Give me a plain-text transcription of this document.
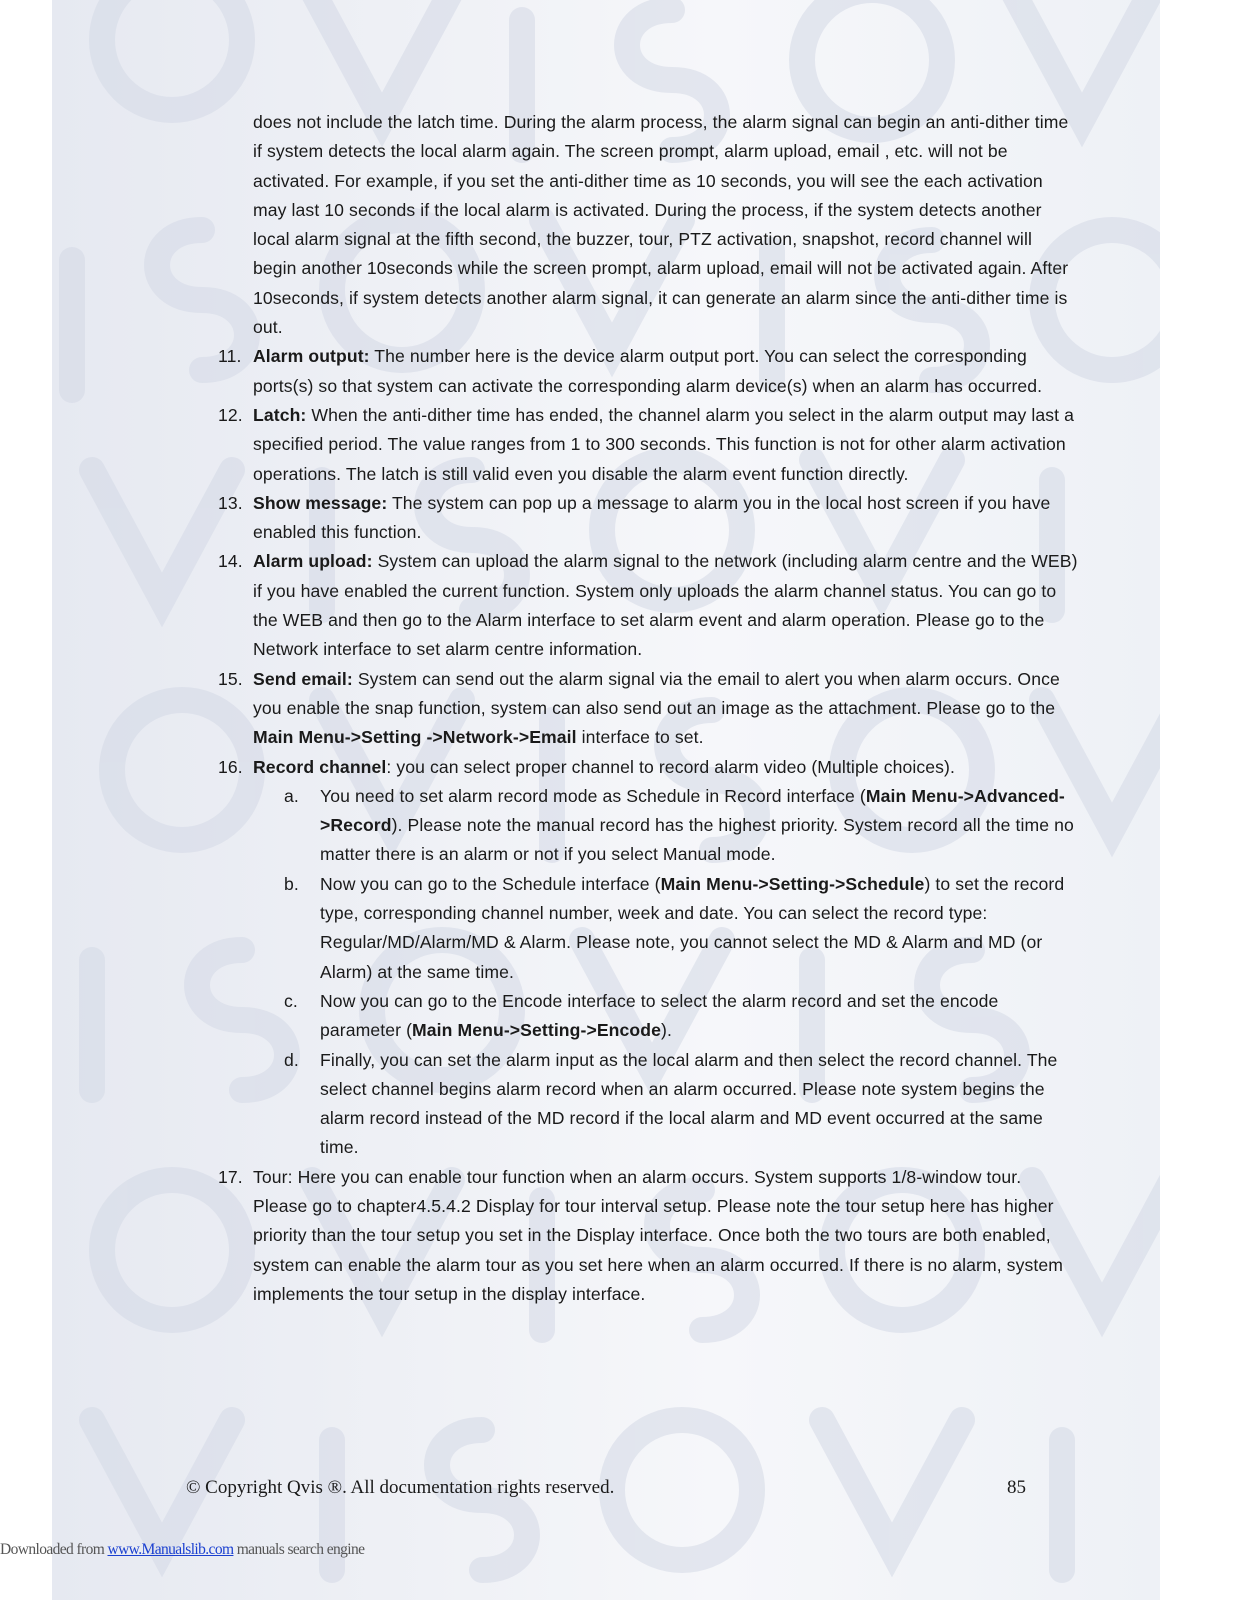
does not include the latch time. During the alarm process, the alarm signal can begin an anti-dither time if system detects the local alarm again. The screen prompt, alarm upload, email , etc. will not be activated. For example, if you set the anti-dither time as 10 seconds, you will see the each activation may last 10 seconds if the local alarm is activated. During the process, if the system detects another local alarm signal at the fifth second, the buzzer, tour, PTZ activation, snapshot, record channel will begin another 10seconds while the screen prompt, alarm upload, email will not be activated again. After 10seconds, if system detects another alarm signal, it can generate an alarm since the anti-dither time is out.

11. Alarm output: The number here is the device alarm output port. You can select the corresponding ports(s) so that system can activate the corresponding alarm device(s) when an alarm has occurred.
12. Latch: When the anti-dither time has ended, the channel alarm you select in the alarm output may last a specified period. The value ranges from 1 to 300 seconds. This function is not for other alarm activation operations. The latch is still valid even you disable the alarm event function directly.
13. Show message: The system can pop up a message to alarm you in the local host screen if you have enabled this function.
14. Alarm upload: System can upload the alarm signal to the network (including alarm centre and the WEB) if you have enabled the current function. System only uploads the alarm channel status. You can go to the WEB and then go to the Alarm interface to set alarm event and alarm operation. Please go to the Network interface to set alarm centre information.
15. Send email: System can send out the alarm signal via the email to alert you when alarm occurs. Once you enable the snap function, system can also send out an image as the attachment. Please go to the Main Menu->Setting ->Network->Email interface to set.
16. Record channel: you can select proper channel to record alarm video (Multiple choices).
a. You need to set alarm record mode as Schedule in Record interface (Main Menu->Advanced->Record). Please note the manual record has the highest priority. System record all the time no matter there is an alarm or not if you select Manual mode.
b. Now you can go to the Schedule interface (Main Menu->Setting->Schedule) to set the record type, corresponding channel number, week and date. You can select the record type: Regular/MD/Alarm/MD & Alarm. Please note, you cannot select the MD & Alarm and MD (or Alarm) at the same time.
c. Now you can go to the Encode interface to select the alarm record and set the encode parameter (Main Menu->Setting->Encode).
d. Finally, you can set the alarm input as the local alarm and then select the record channel. The select channel begins alarm record when an alarm occurred. Please note system begins the alarm record instead of the MD record if the local alarm and MD event occurred at the same time.
17. Tour: Here you can enable tour function when an alarm occurs. System supports 1/8-window tour. Please go to chapter4.5.4.2 Display for tour interval setup. Please note the tour setup here has higher priority than the tour setup you set in the Display interface. Once both the two tours are both enabled, system can enable the alarm tour as you set here when an alarm occurred. If there is no alarm, system implements the tour setup in the display interface.
© Copyright Qvis ®. All documentation rights reserved.	85
Downloaded from www.Manualslib.com manuals search engine
